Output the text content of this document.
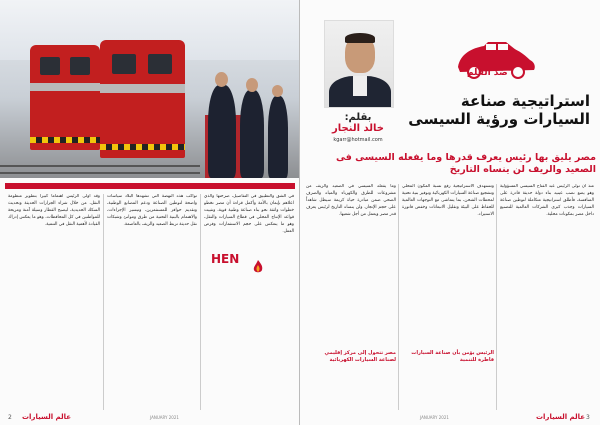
في الشق والتطبيق في التفاصيل، صرحتها والذي اعلاهم بإيمان بالأمة وأكمل قراءة أن مصر تخطو خطوات واثقة نحو بناء صناعة وطنية قوية، وتثبيت قواعد الإنتاج المحلي في قطاع السيارات والنقل، وهو ما ينعكس على حجم الاستثمارات وفرص العمل.
تواكب هذه النهضة التي تشهدها البلاد سياسات واضحة لتوطين الصناعة ودعم المصانع الوطنية، وتقديم حوافز للمستثمرين، وتيسير الإجراءات، والاهتمام بالبنية التحتية من طرق وموانئ وشبكات نقل حديثة تربط الصعيد والريف بالعاصمة.
وقد أولى الرئيس اهتماماً كبيراً بتطوير منظومة النقل، من خلال شراء الجرارات الحديثة وتحديث السكك الحديدية، ليصبح القطار وسيلة آمنة ومريحة للمواطنين في كل المحافظات، وهو ما يعكس إدراك القيادة لأهمية النقل في التنمية.
HEN
2 عالم السيارات	JANUARY 2021
ضد القلم
بقلم:
خالد النجار
kgarr@hotmail.com
استراتيجية صناعة السيارات ورؤية السيسى
مصر يليق بها رئيس يعرف قدرها وما يفعله السيسى فى الصعيد والريف لن ينساه التاريخ
منذ أن تولى الرئيس عبد الفتاح السيسي المسؤولية وهو يضع نصب عينيه بناء دولة حديثة قادرة على المنافسة، فأطلق استراتيجية متكاملة لتوطين صناعة السيارات وجذب كبرى الشركات العالمية للتصنيع داخل مصر بمكونات محلية.
وتستهدف الاستراتيجية رفع نسبة المكون المحلي وتشجيع صناعة السيارات الكهربائية وتوفير بنية تحتية لمحطات الشحن، بما يتماشى مع التوجهات العالمية للحفاظ على البيئة وتقليل الانبعاثات وخفض فاتورة الاستيراد.
الرئيس يؤمن بأن صناعة السيارات قاطرة للتنمية
وما يفعله السيسي في الصعيد والريف من مشروعات للطرق والكهرباء والمياه والصرف الصحي ضمن مبادرة حياة كريمة سيظل شاهداً على حجم الإنجاز، ولن ينساه التاريخ لرئيس يعرف قدر مصر ويعمل من أجل شعبها.
مصر تتحول إلى مركز إقليمي لصناعة السيارات الكهربائية
JANUARY 2021	عالم السيارات 3
